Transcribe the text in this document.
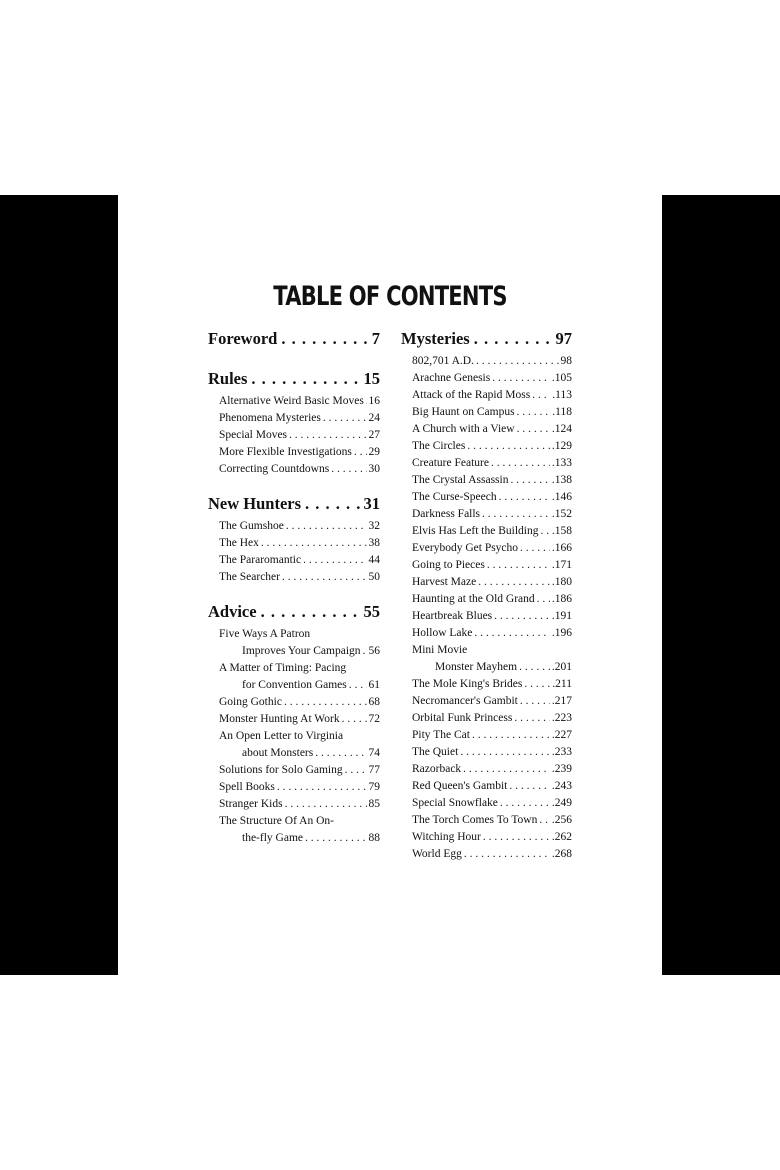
TABLE OF CONTENTS
Foreword . . .	7
Rules . . .	15
Alternative Weird Basic Moves . . . 16
Phenomena Mysteries . . .	24
Special Moves . . .	27
More Flexible Investigations . . . 29
Correcting Countdowns . . .	30
New Hunters . . .	31
The Gumshoe . . .	32
The Hex . . .	38
The Pararomantic . . .	44
The Searcher . . .	50
Advice . . .	55
Five Ways A Patron
Improves Your Campaign . . . 56
A Matter of Timing: Pacing
for Convention Games . . . 61
Going Gothic . . .	68
Monster Hunting At Work . . .	72
An Open Letter to Virginia
about Monsters . . .	74
Solutions for Solo Gaming . . . 77
Spell Books . . .	79
Stranger Kids . . .	85
The Structure Of An On-
the-fly Game . . .	88
Mysteries . . .	97
802,701 A.D. . . .	98
Arachne Genesis . . .	.105
Attack of the Rapid Moss . . . .113
Big Haunt on Campus . . .	.118
A Church with a View . . .	.124
The Circles . . .	.129
Creature Feature . . .	.133
The Crystal Assassin . . .	.138
The Curse-Speech . . .	.146
Darkness Falls . . .	.152
Elvis Has Left the Building . . . .158
Everybody Get Psycho . . .	.166
Going to Pieces . . .	.171
Harvest Maze . . .	.180
Haunting at the Old Grand . . . .186
Heartbreak Blues . . .	.191
Hollow Lake . . .	.196
Mini Movie
Monster Mayhem . . .	.201
The Mole King's Brides . . .	.211
Necromancer's Gambit . . .	.217
Orbital Funk Princess . . .	.223
Pity The Cat . . .	.227
The Quiet . . .	.233
Razorback . . .	.239
Red Queen's Gambit . . .	.243
Special Snowflake . . .	.249
The Torch Comes To Town . . . .256
Witching Hour . . .	.262
World Egg . . .	.268
